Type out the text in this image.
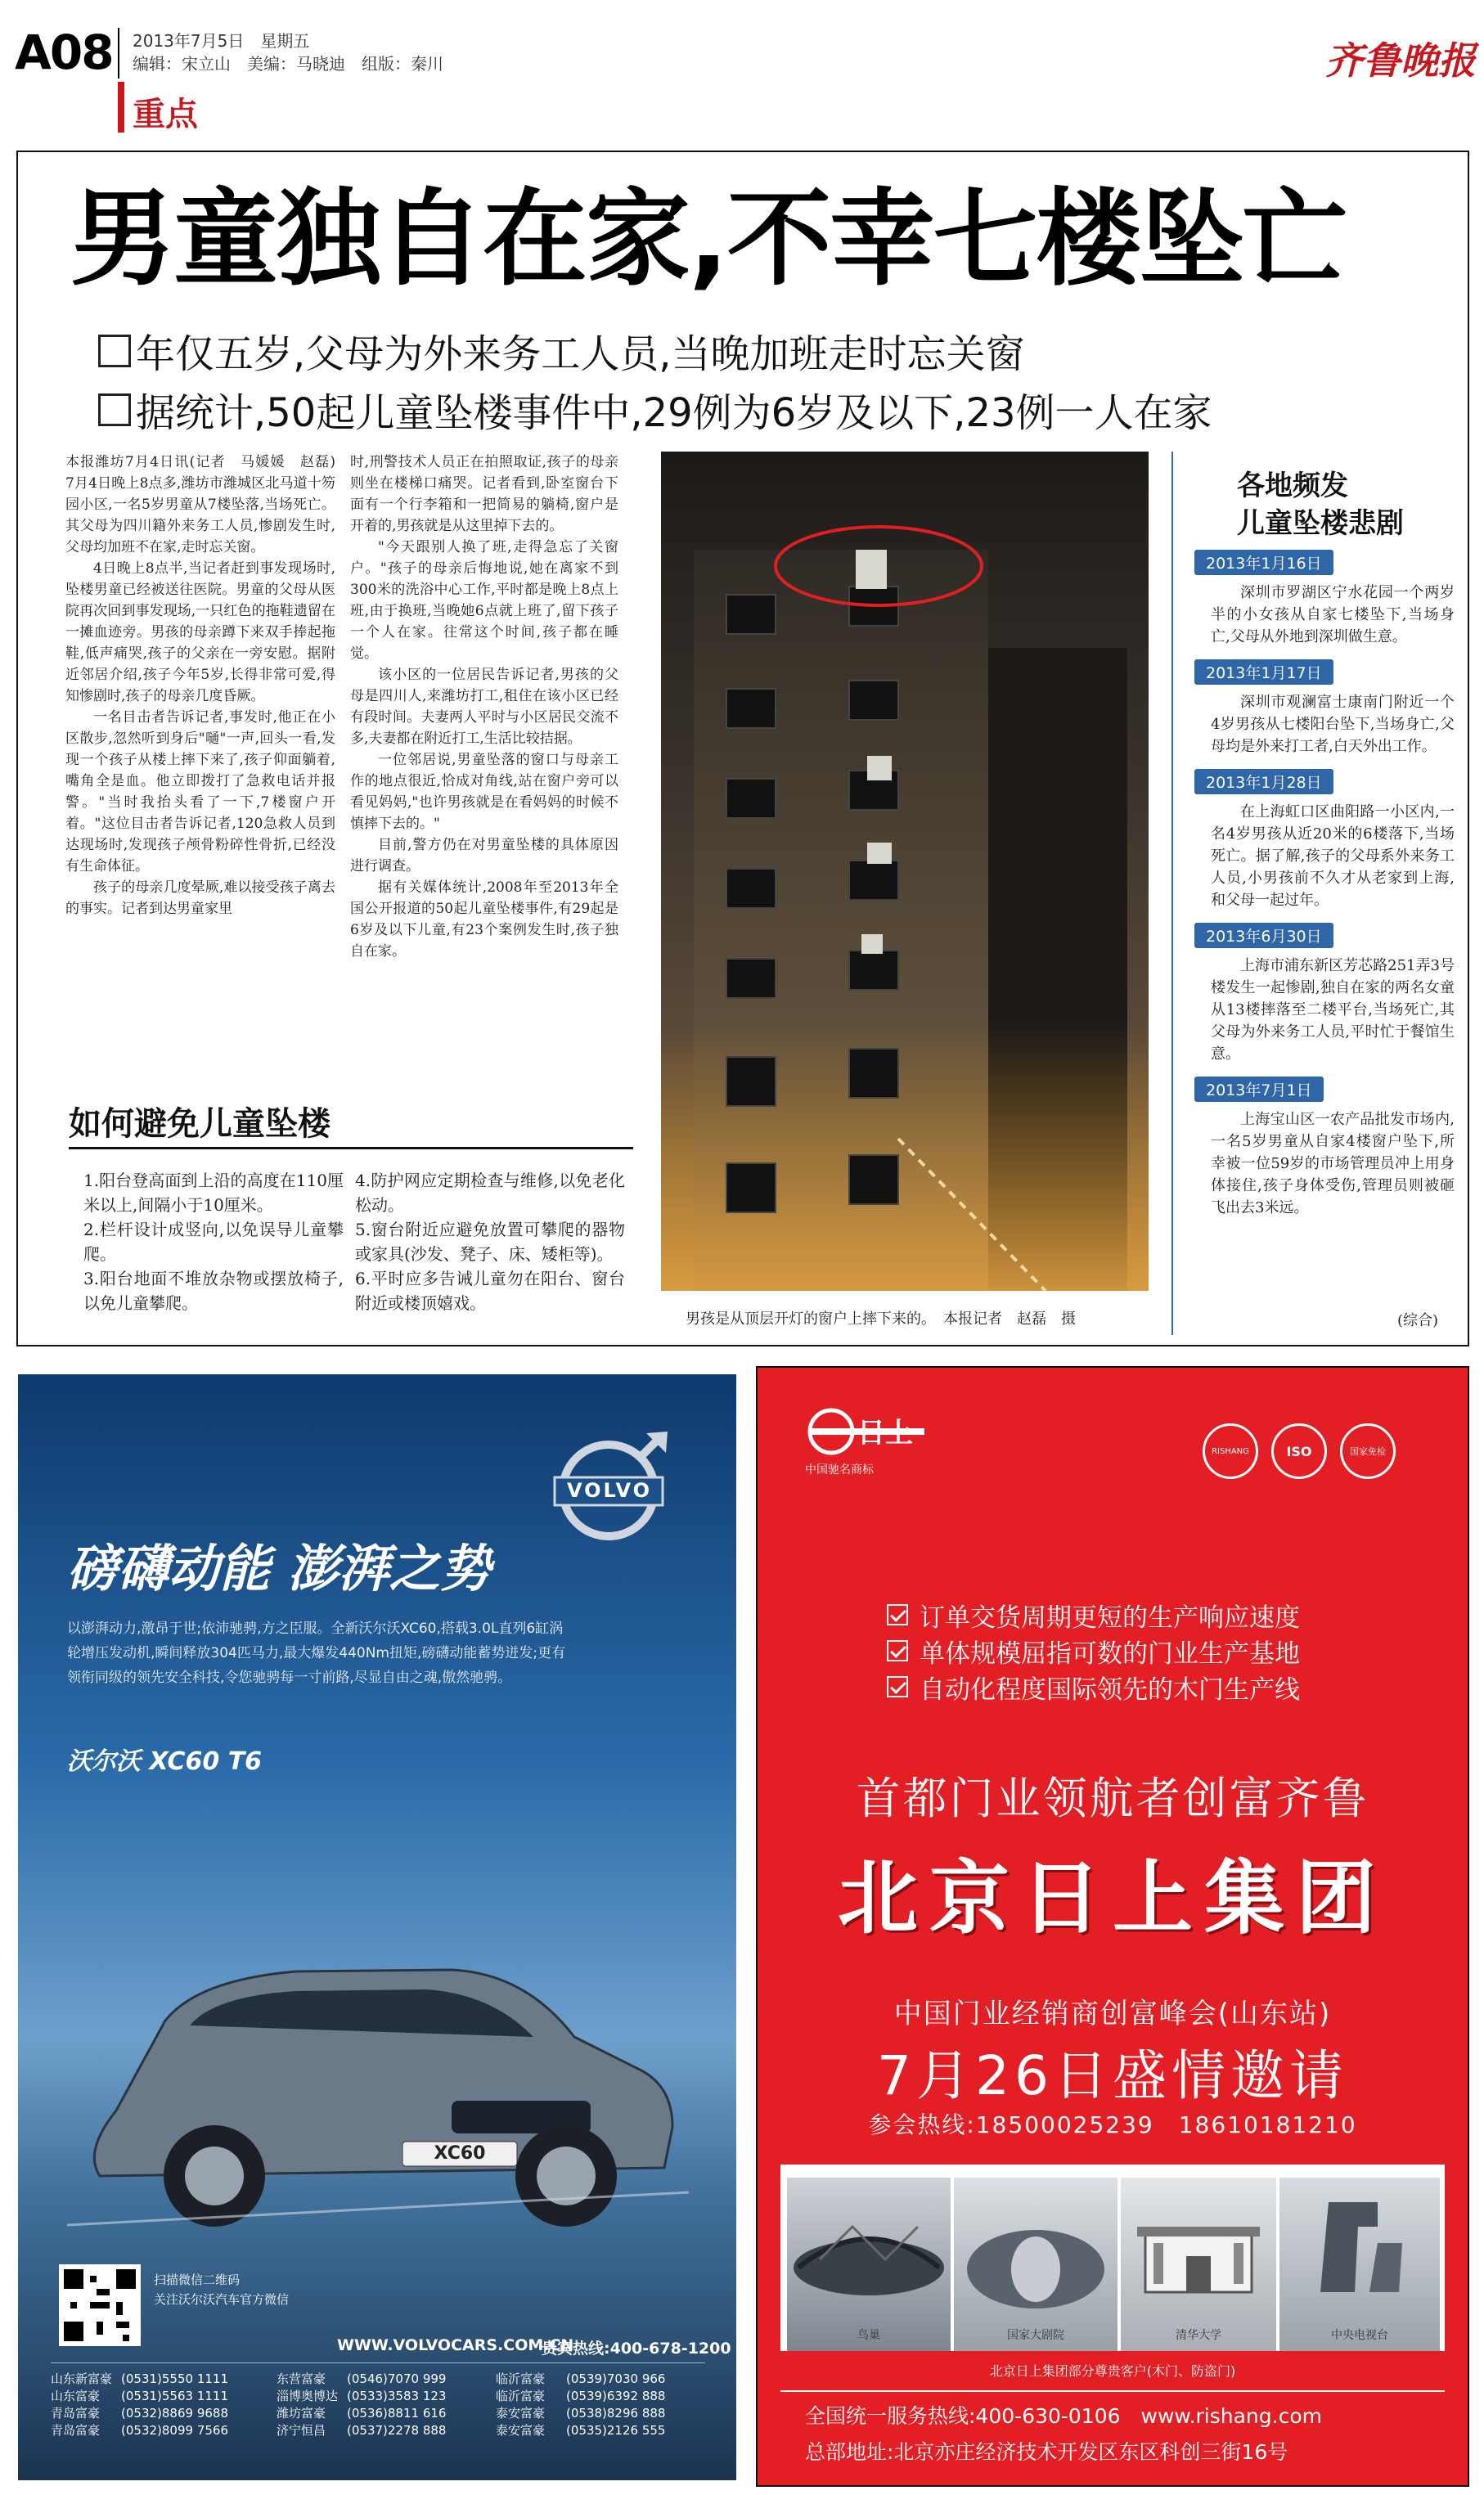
A08 2013年7月5日　星期五
编辑：宋立山　美编：马晓迪　组版：秦川
重点
齐鲁晚报
男童独自在家,不幸七楼坠亡
年仅五岁,父母为外来务工人员,当晚加班走时忘关窗
据统计,50起儿童坠楼事件中,29例为6岁及以下,23例一人在家

本报潍坊7月4日讯(记者　马媛媛　赵磊)　7月4日晚上8点多,潍坊市潍城区北马道十笏园小区,一名5岁男童从7楼坠落,当场死亡。其父母为四川籍外来务工人员,惨剧发生时,父母均加班不在家,走时忘关窗。

4日晚上8点半,当记者赶到事发现场时,坠楼男童已经被送往医院。男童的父母从医院再次回到事发现场,一只红色的拖鞋遗留在一摊血迹旁。男孩的母亲蹲下来双手捧起拖鞋,低声痛哭,孩子的父亲在一旁安慰。据附近邻居介绍,孩子今年5岁,长得非常可爱,得知惨剧时,孩子的母亲几度昏厥。

一名目击者告诉记者,事发时,他正在小区散步,忽然听到身后"嗵"一声,回头一看,发现一个孩子从楼上摔下来了,孩子仰面躺着,嘴角全是血。他立即拨打了急救电话并报警。"当时我抬头看了一下,7楼窗户开着。"这位目击者告诉记者,120急救人员到达现场时,发现孩子颅骨粉碎性骨折,已经没有生命体征。

孩子的母亲几度晕厥,难以接受孩子离去的事实。记者到达男童家里

时,刑警技术人员正在拍照取证,孩子的母亲则坐在楼梯口痛哭。记者看到,卧室窗台下面有一个行李箱和一把简易的躺椅,窗户是开着的,男孩就是从这里掉下去的。

"今天跟别人换了班,走得急忘了关窗户。"孩子的母亲后悔地说,她在离家不到300米的洗浴中心工作,平时都是晚上8点上班,由于换班,当晚她6点就上班了,留下孩子一个人在家。往常这个时间,孩子都在睡觉。

该小区的一位居民告诉记者,男孩的父母是四川人,来潍坊打工,租住在该小区已经有段时间。夫妻两人平时与小区居民交流不多,夫妻都在附近打工,生活比较拮据。

一位邻居说,男童坠落的窗口与母亲工作的地点很近,恰成对角线,站在窗户旁可以看见妈妈,"也许男孩就是在看妈妈的时候不慎摔下去的。"

目前,警方仍在对男童坠楼的具体原因进行调查。

据有关媒体统计,2008年至2013年全国公开报道的50起儿童坠楼事件,有29起是6岁及以下儿童,有23个案例发生时,孩子独自在家。

如何避免儿童坠楼
1.阳台登高面到上沿的高度在110厘米以上,间隔小于10厘米。
2.栏杆设计成竖向,以免误导儿童攀爬。
3.阳台地面不堆放杂物或摆放椅子,以免儿童攀爬。
4.防护网应定期检查与维修,以免老化松动。
5.窗台附近应避免放置可攀爬的器物或家具(沙发、凳子、床、矮柜等)。
6.平时应多告诫儿童勿在阳台、窗台附近或楼顶嬉戏。
男孩是从顶层开灯的窗户上摔下来的。　本报记者　赵磊　摄
各地频发
儿童坠楼悲剧
2013年1月16日
深圳市罗湖区宁水花园一个两岁半的小女孩从自家七楼坠下,当场身亡,父母从外地到深圳做生意。
2013年1月17日
深圳市观澜富士康南门附近一个4岁男孩从七楼阳台坠下,当场身亡,父母均是外来打工者,白天外出工作。
2013年1月28日
在上海虹口区曲阳路一小区内,一名4岁男孩从近20米的6楼落下,当场死亡。据了解,孩子的父母系外来务工人员,小男孩前不久才从老家到上海,和父母一起过年。
2013年6月30日
上海市浦东新区芳芯路251弄3号楼发生一起惨剧,独自在家的两名女童从13楼摔落至二楼平台,当场死亡,其父母为外来务工人员,平时忙于餐馆生意。
2013年7月1日
上海宝山区一农产品批发市场内,一名5岁男童从自家4楼窗户坠下,所幸被一位59岁的市场管理员冲上用身体接住,孩子身体受伤,管理员则被砸飞出去3米远。
(综合)
VOLVO
磅礴动能 澎湃之势
以澎湃动力,激昂于世;依沛驰骋,方之臣服。全新沃尔沃XC60,搭载3.0L直列6缸涡轮增压发动机,瞬间释放304匹马力,最大爆发440Nm扭矩,磅礴动能蓄势迸发;更有领衔同级的领先安全科技,令您驰骋每一寸前路,尽显自由之魂,傲然驰骋。
沃尔沃 XC60 T6
XC60
扫描微信二维码
关注沃尔沃汽车官方微信
WWW.VOLVOCARS.COM.CN
贵宾热线:400-678-1200
山东新富豪 (0531)5550 1111	东营富豪	(0546)7070 999	临沂富豪	(0539)7030 966
山东富豪	(0531)5563 1111	淄博奥博达 (0533)3583 123	临沂富豪	(0539)6392 888
青岛富豪	(0532)8869 9688	潍坊富豪	(0536)8811 616	泰安富豪	(0538)8296 888
青岛富豪	(0532)8099 7566	济宁恒昌	(0537)2278 888	泰安富豪	(0535)2126 555
日上
中国驰名商标
RISHANG	ISO	国家免检
订单交货周期更短的生产响应速度
单体规模屈指可数的门业生产基地
自动化程度国际领先的木门生产线
首都门业领航者创富齐鲁
北京日上集团
中国门业经销商创富峰会(山东站)
7月26日盛情邀请
参会热线:18500025239　18610181210
鸟巢	国家大剧院	清华大学	中央电视台
北京日上集团部分尊贵客户(木门、防盗门)
全国统一服务热线:400-630-0106　www.rishang.com
总部地址:北京亦庄经济技术开发区东区科创三街16号
